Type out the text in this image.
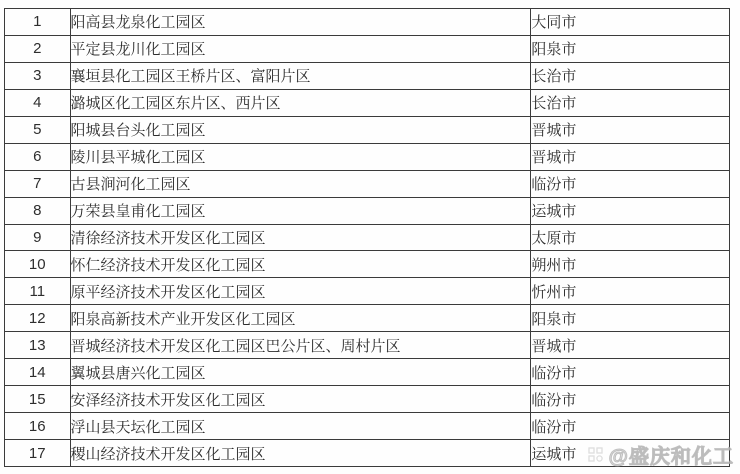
1	阳高县龙泉化工园区	大同市
2	平定县龙川化工园区	阳泉市
3	襄垣县化工园区王桥片区、富阳片区	长治市
4	潞城区化工园区东片区、西片区	长治市
5	阳城县台头化工园区	晋城市
6	陵川县平城化工园区	晋城市
7	古县涧河化工园区	临汾市
8	万荣县皇甫化工园区	运城市
9	清徐经济技术开发区化工园区	太原市
10	怀仁经济技术开发区化工园区	朔州市
11	原平经济技术开发区化工园区	忻州市
12	阳泉高新技术产业开发区化工园区	阳泉市
13	晋城经济技术开发区化工园区巴公片区、周村片区	晋城市
14	翼城县唐兴化工园区	临汾市
15	安泽经济技术开发区化工园区	临汾市
16	浮山县天坛化工园区	临汾市
17	稷山经济技术开发区化工园区	运城市 @盛庆和化工
